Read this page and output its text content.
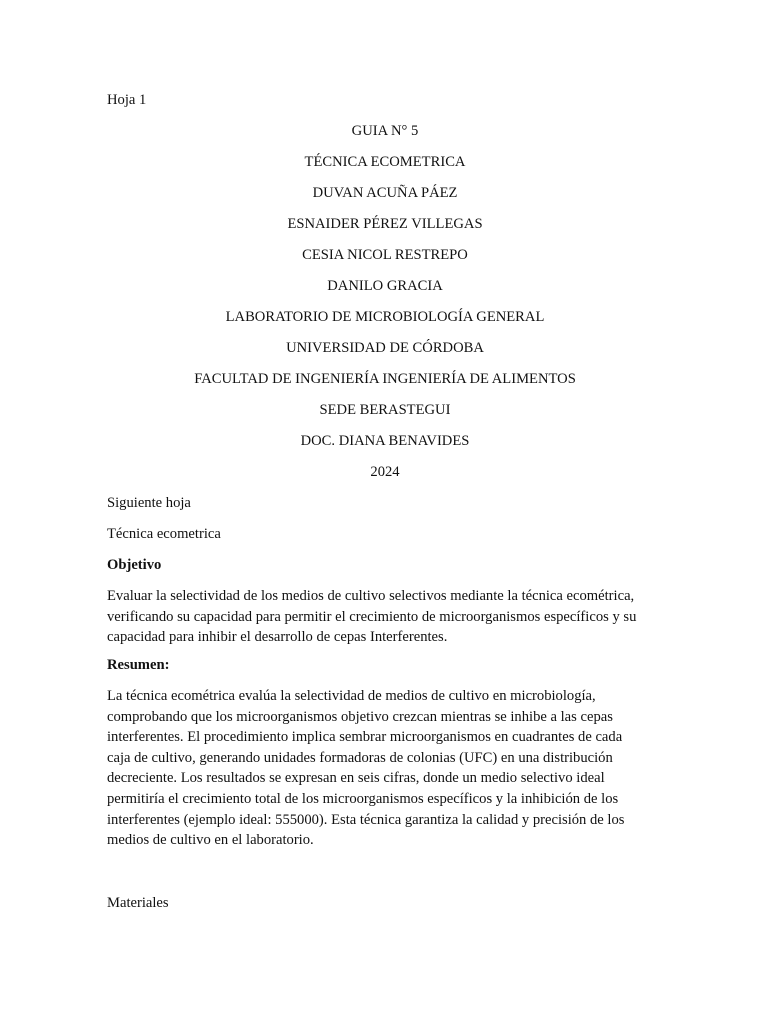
Hoja 1
GUIA N° 5
TÉCNICA ECOMETRICA
DUVAN ACUÑA PÁEZ
ESNAIDER PÉREZ VILLEGAS
CESIA NICOL RESTREPO
DANILO GRACIA
LABORATORIO DE MICROBIOLOGÍA GENERAL
UNIVERSIDAD DE CÓRDOBA
FACULTAD DE INGENIERÍA INGENIERÍA DE ALIMENTOS
SEDE BERASTEGUI
DOC. DIANA BENAVIDES
2024
Siguiente hoja
Técnica ecometrica
Objetivo
Evaluar la selectividad de los medios de cultivo selectivos mediante la técnica ecométrica,
verificando su capacidad para permitir el crecimiento de microorganismos específicos y su
capacidad para inhibir el desarrollo de cepas Interferentes.
Resumen:
La técnica ecométrica evalúa la selectividad de medios de cultivo en microbiología,
comprobando que los microorganismos objetivo crezcan mientras se inhibe a las cepas
interferentes. El procedimiento implica sembrar microorganismos en cuadrantes de cada
caja de cultivo, generando unidades formadoras de colonias (UFC) en una distribución
decreciente. Los resultados se expresan en seis cifras, donde un medio selectivo ideal
permitiría el crecimiento total de los microorganismos específicos y la inhibición de los
interferentes (ejemplo ideal: 555000). Esta técnica garantiza la calidad y precisión de los
medios de cultivo en el laboratorio.
Materiales
